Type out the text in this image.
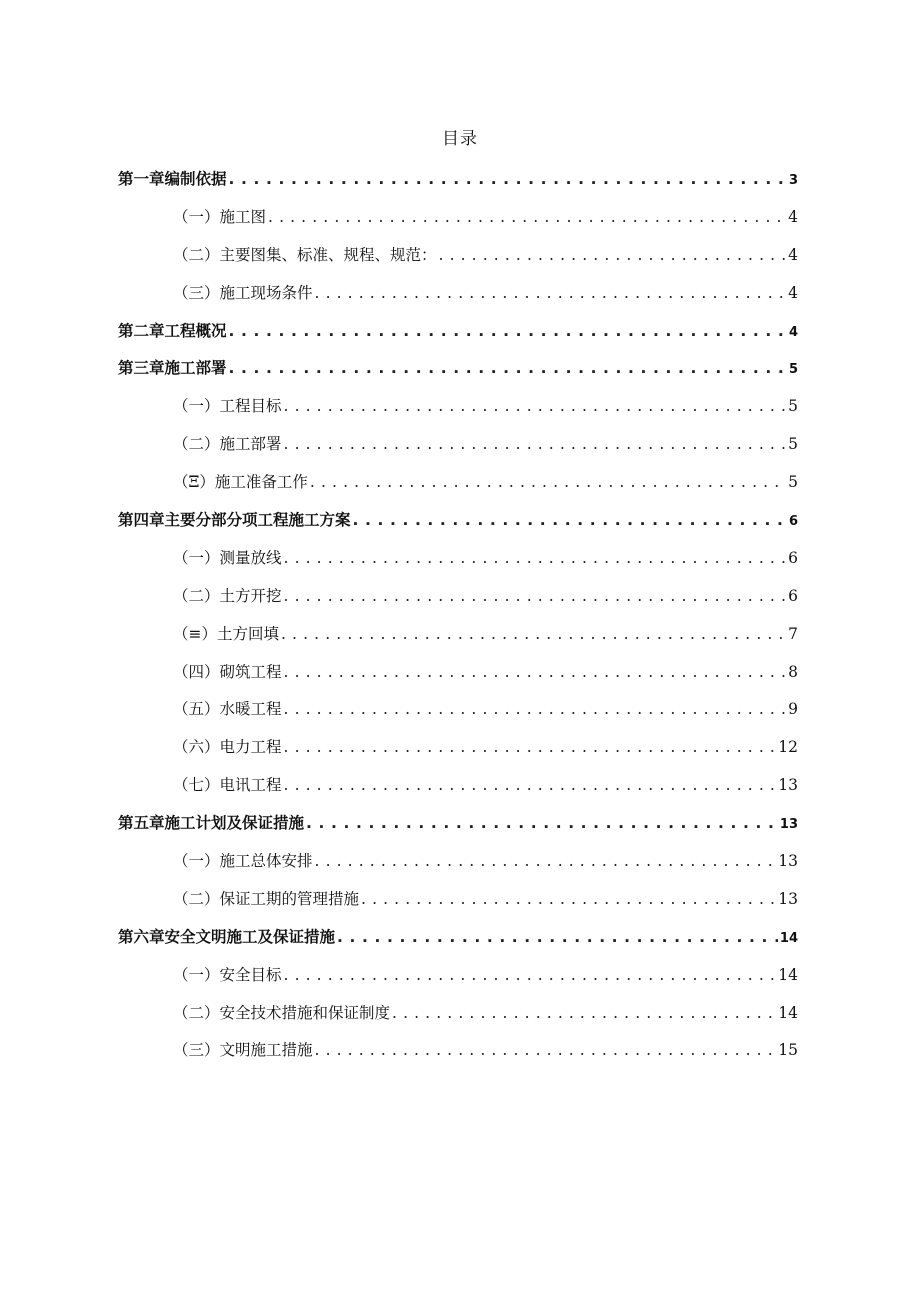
目录
第一章编制依据 . . .	3
（一）施工图 . . .	4
（二）主要图集、标准、规程、规范： . . .	4
（三）施工现场条件 . . .	4
第二章工程概况 . . .	4
第三章施工部署 . . .	5
（一）工程目标 . . .	5
（二）施工部署 . . .	5
（Ξ）施工准备工作 . . .	5
第四章主要分部分项工程施工方案 . . .	6
（一）测量放线 . . .	6
（二）土方开挖 . . .	6
（≡）土方回填 . . .	7
（四）砌筑工程 . . .	8
（五）水暖工程 . . .	9
（六）电力工程 . . .	12
（七）电讯工程 . . .	13
第五章施工计划及保证措施 . . .	13
（一）施工总体安排 . . .	13
（二）保证工期的管理措施 . . .	13
第六章安全文明施工及保证措施 . . .	14
（一）安全目标 . . .	14
（二）安全技术措施和保证制度 . . .	14
（三）文明施工措施 . . .	15
